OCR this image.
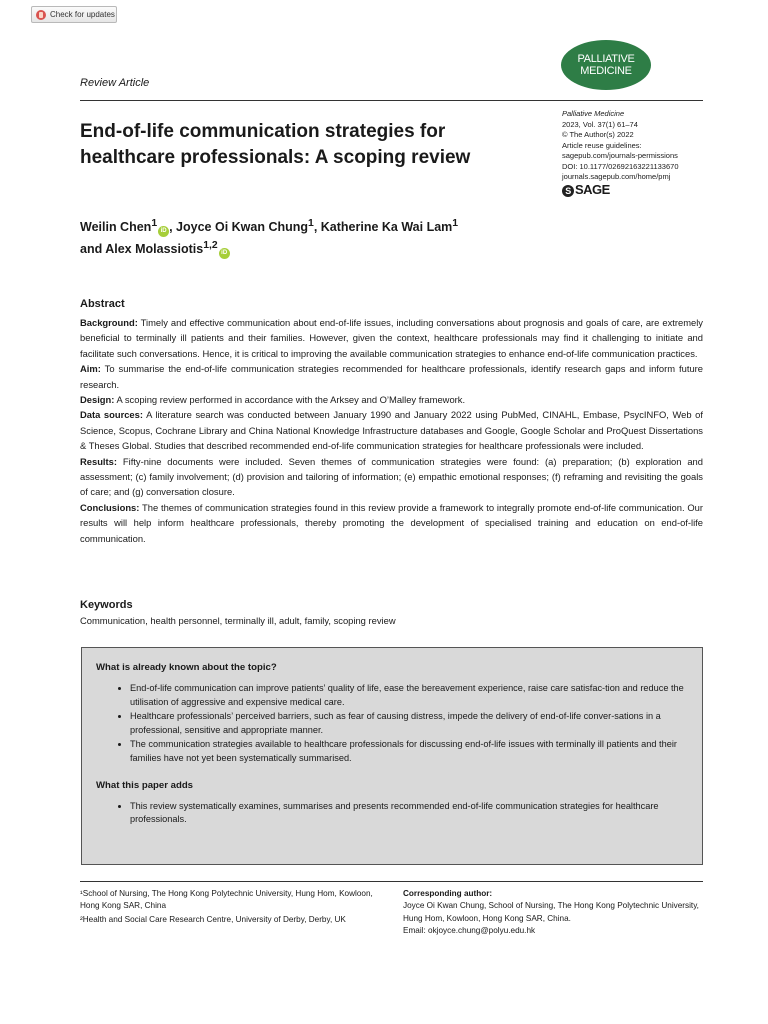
Check for updates
Review Article
PALLIATIVE
MEDICINE
End-of-life communication strategies for healthcare professionals: A scoping review
Palliative Medicine
2023, Vol. 37(1) 61–74
© The Author(s) 2022
Article reuse guidelines:
sagepub.com/journals-permissions
DOI: 10.1177/02692163221133670
journals.sagepub.com/home/pmj
S SAGE
Weilin Chen$^1$iD , Joyce Oi Kwan Chung$^1$, Katherine Ka Wai Lam$^1$
and Alex Molassiotis$^{1,2}$iD
Abstract

Background: Timely and effective communication about end-of-life issues, including conversations about prognosis and goals of care, are extremely beneficial to terminally ill patients and their families. However, given the context, healthcare professionals may find it challenging to initiate and facilitate such conversations. Hence, it is critical to improving the available communication strategies to enhance end-of-life communication practices.

Aim: To summarise the end-of-life communication strategies recommended for healthcare professionals, identify research gaps and inform future research.

Design: A scoping review performed in accordance with the Arksey and O’Malley framework.

Data sources: A literature search was conducted between January 1990 and January 2022 using PubMed, CINAHL, Embase, PsycINFO, Web of Science, Scopus, Cochrane Library and China National Knowledge Infrastructure databases and Google, Google Scholar and ProQuest Dissertations & Theses Global. Studies that described recommended end-of-life communication strategies for healthcare professionals were included.

Results: Fifty-nine documents were included. Seven themes of communication strategies were found: (a) preparation; (b) exploration and assessment; (c) family involvement; (d) provision and tailoring of information; (e) empathic emotional responses; (f) reframing and revisiting the goals of care; and (g) conversation closure.

Conclusions: The themes of communication strategies found in this review provide a framework to integrally promote end-of-life communication. Our results will help inform healthcare professionals, thereby promoting the development of specialised training and education on end-of-life communication.

Keywords
Communication, health personnel, terminally ill, adult, family, scoping review
What is already known about the topic?
• End-of-life communication can improve patients’ quality of life, ease the bereavement experience, raise care satisfac-tion and reduce the utilisation of aggressive and expensive medical care.
• Healthcare professionals’ perceived barriers, such as fear of causing distress, impede the delivery of end-of-life conver-sations in a professional, sensitive and appropriate manner.
• The communication strategies available to healthcare professionals for discussing end-of-life issues with terminally ill patients and their families have not yet been systematically summarised.
What this paper adds
• This review systematically examines, summarises and presents recommended end-of-life communication strategies for healthcare professionals.

¹School of Nursing, The Hong Kong Polytechnic University, Hung Hom, Kowloon, Hong Kong SAR, China

²Health and Social Care Research Centre, University of Derby, Derby, UK

Corresponding author:
Joyce Oi Kwan Chung, School of Nursing, The Hong Kong Polytechnic University, Hung Hom, Kowloon, Hong Kong SAR, China.
Email: okjoyce.chung@polyu.edu.hk
